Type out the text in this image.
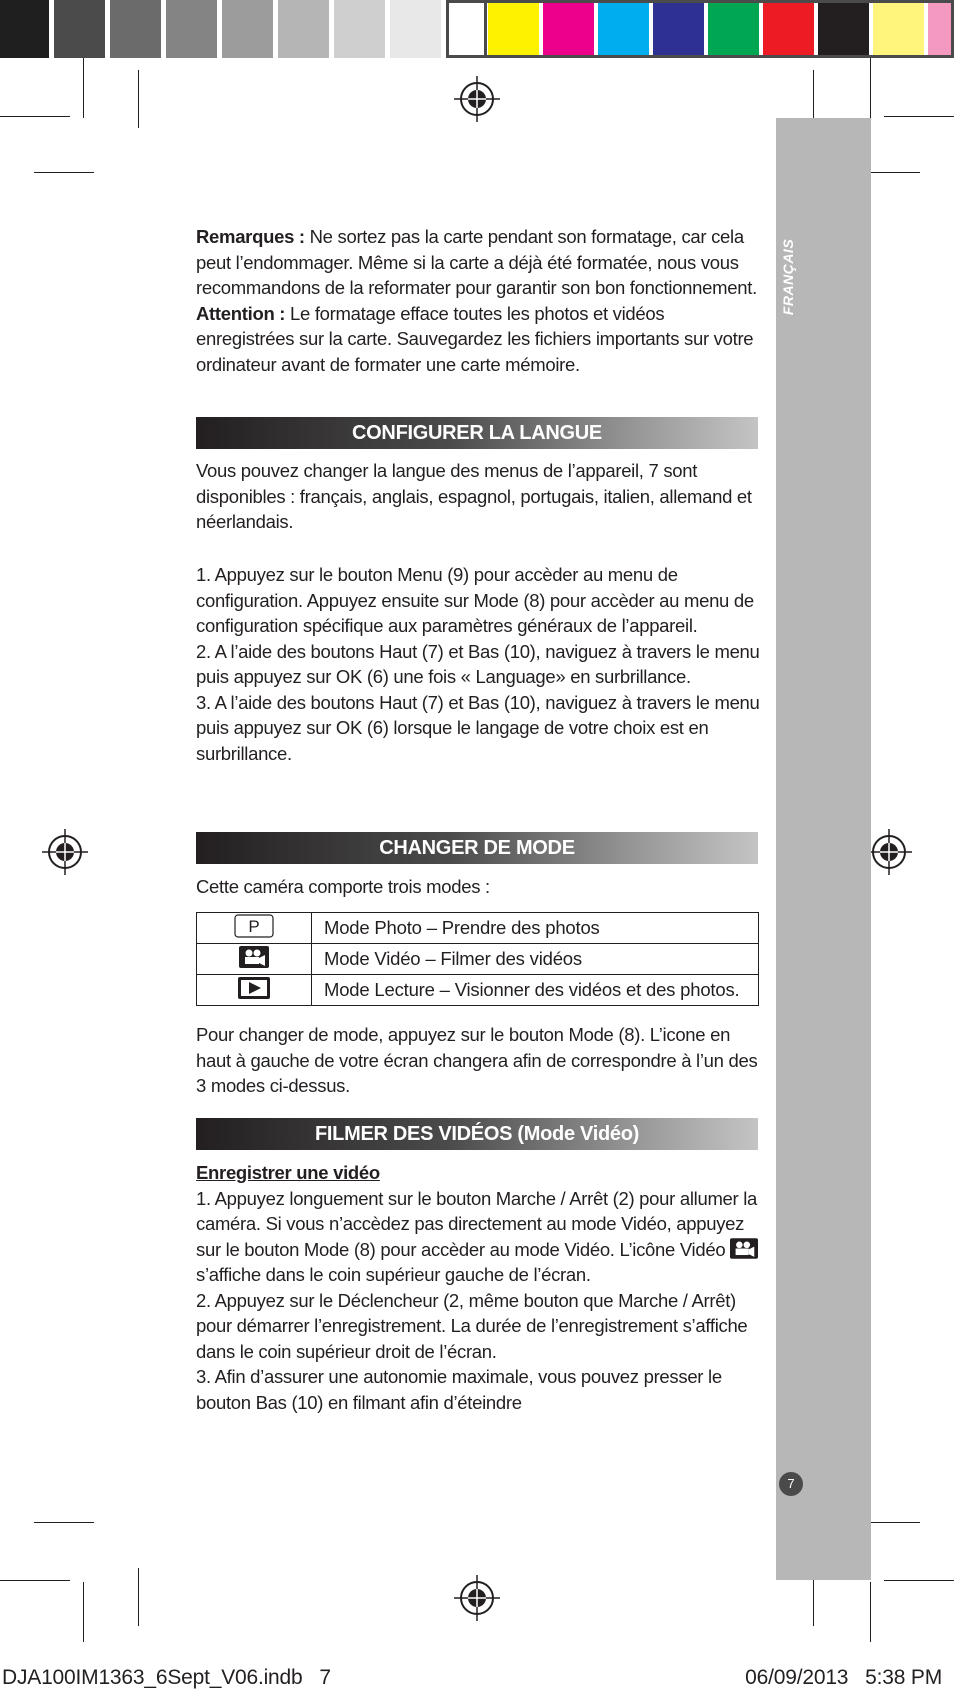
FRANÇAIS
7
Remarques : Ne sortez pas la carte pendant son formatage, car cela peut l’endommager. Même si la carte a déjà été formatée, nous vous recommandons de la reformater pour garantir son bon fonctionnement.
Attention : Le formatage efface toutes les photos et vidéos enregistrées sur la carte. Sauvegardez les fichiers importants sur votre ordinateur avant de formater une carte mémoire.
CONFIGURER LA LANGUE
Vous pouvez changer la langue des menus de l’appareil, 7 sont disponibles : français, anglais, espagnol, portugais, italien, allemand et néerlandais.
1. Appuyez sur le bouton Menu (9) pour accèder au menu de configuration. Appuyez ensuite sur Mode (8) pour accèder au menu de configuration spécifique aux paramètres généraux de l’appareil.
2. A l’aide des boutons Haut (7) et Bas (10), naviguez à travers le menu puis appuyez sur OK (6) une fois « Language» en surbrillance.
3. A l’aide des boutons Haut (7) et Bas (10), naviguez à travers le menu puis appuyez sur OK (6) lorsque le langage de votre choix est en surbrillance.
CHANGER DE MODE
Cette caméra comporte trois modes :
P	Mode Photo – Prendre des photos
	Mode Vidéo – Filmer des vidéos
	Mode Lecture – Visionner des vidéos et des photos.
Pour changer de mode, appuyez sur le bouton Mode (8). L’icone en haut à gauche de votre écran changera afin de correspondre à l’un des 3 modes ci-dessus.
FILMER DES VIDÉOS (Mode Vidéo)
Enregistrer une vidéo
1. Appuyez longuement sur le bouton Marche / Arrêt (2) pour allumer la caméra. Si vous n’accèdez pas directement au mode Vidéo, appuyez sur le bouton Mode (8) pour accèder au mode Vidéo. L’icône Vidéo  s’affiche dans le coin supérieur gauche de l’écran.
2. Appuyez sur le Déclencheur (2, même bouton que Marche / Arrêt) pour démarrer l’enregistrement. La durée de l’enregistrement s’affiche dans le coin supérieur droit de l’écran.
3. Afin d’assurer une autonomie maximale, vous pouvez presser le bouton Bas (10) en filmant afin d’éteindre
DJA100IM1363_6Sept_V06.indb   7	06/09/2013   5:38 PM
